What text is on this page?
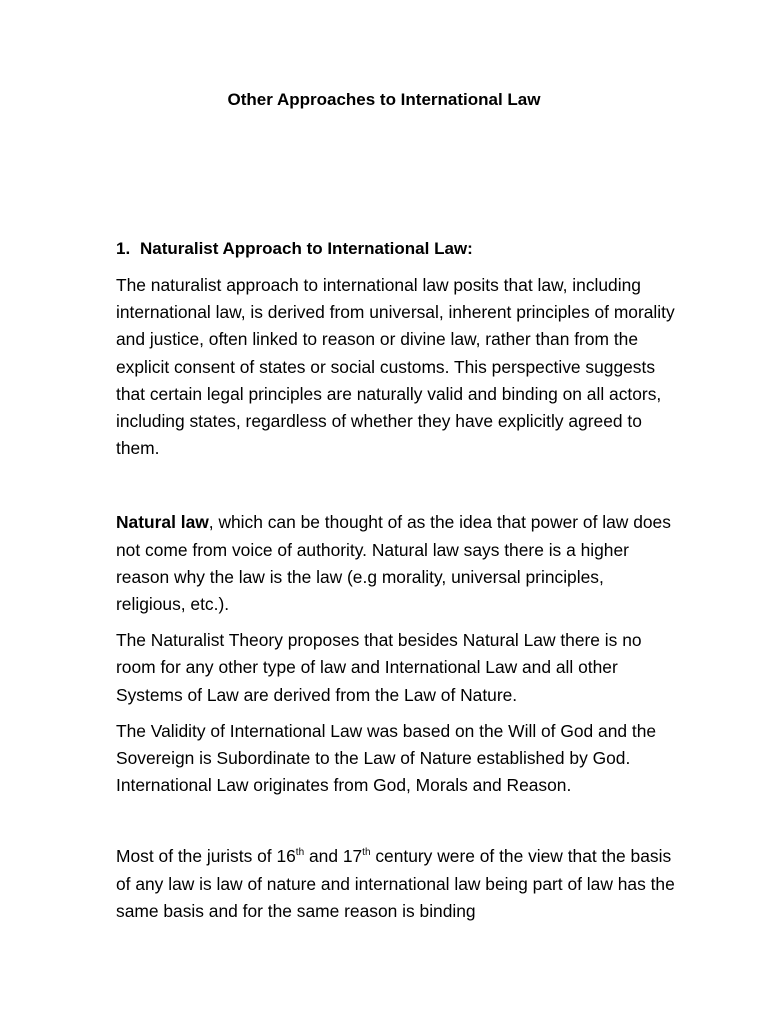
Other Approaches to International Law
1. Naturalist Approach to International Law:

The naturalist approach to international law posits that law, including international law, is derived from universal, inherent principles of morality and justice, often linked to reason or divine law, rather than from the explicit consent of states or social customs. This perspective suggests that certain legal principles are naturally valid and binding on all actors, including states, regardless of whether they have explicitly agreed to them.

Natural law, which can be thought of as the idea that power of law does not come from voice of authority. Natural law says there is a higher reason why the law is the law (e.g morality, universal principles, religious, etc.).

The Naturalist Theory proposes that besides Natural Law there is no room for any other type of law and International Law and all other Systems of Law are derived from the Law of Nature.

The Validity of International Law was based on the Will of God and the Sovereign is Subordinate to the Law of Nature established by God. International Law originates from God, Morals and Reason.

Most of the jurists of 16th and 17th century were of the view that the basis of any law is law of nature and international law being part of law has the same basis and for the same reason is binding
